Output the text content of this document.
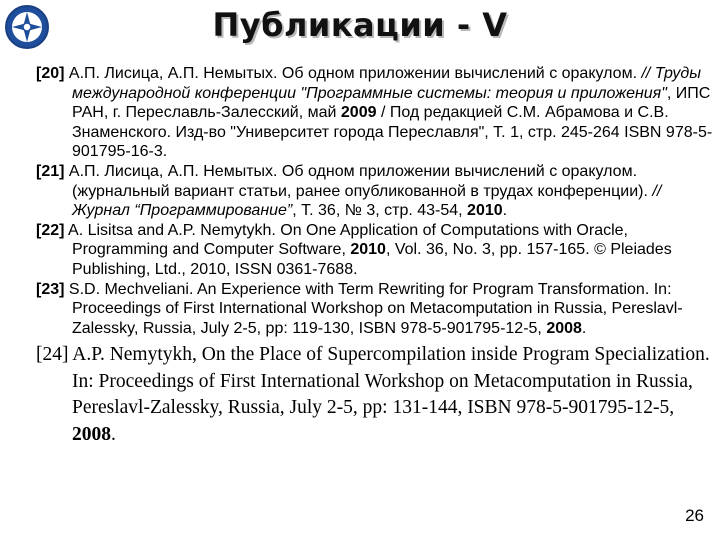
Публикации - V
[20] А.П. Лисица, А.П. Немытых. Об одном приложении вычислений с оракулом. // Труды международной конференции "Программные системы: теория и приложения", ИПС РАН, г. Переславль-Залесский, май 2009 / Под редакцией С.М. Абрамова и С.В. Знаменского. Изд-во "Университет города Переславля", Т. 1, стр. 245-264 ISBN 978-5-901795-16-3.
[21] А.П. Лисица, А.П. Немытых. Об одном приложении вычислений с оракулом. (журнальный вариант статьи, ранее опубликованной в трудах конференции). // Журнал “Программирование”, Т. 36, № 3, стр. 43-54, 2010.
[22] A. Lisitsa and A.P. Nemytykh. On One Application of Computations with Oracle, Programming and Computer Software, 2010, Vol. 36, No. 3, pp. 157-165. © Pleiades Publishing, Ltd., 2010, ISSN 0361-7688.
[23] S.D. Mechveliani. An Experience with Term Rewriting for Program Transformation. In: Proceedings of First International Workshop on Metacomputation in Russia, Pereslavl-Zalessky, Russia, July 2-5, pp: 119-130, ISBN 978-5-901795-12-5, 2008.
[24] A.P. Nemytykh, On the Place of Supercompilation inside Program Specialization. In: Proceedings of First International Workshop on Metacomputation in Russia, Pereslavl-Zalessky, Russia, July 2-5, pp: 131-144, ISBN 978-5-901795-12-5, 2008.
26
